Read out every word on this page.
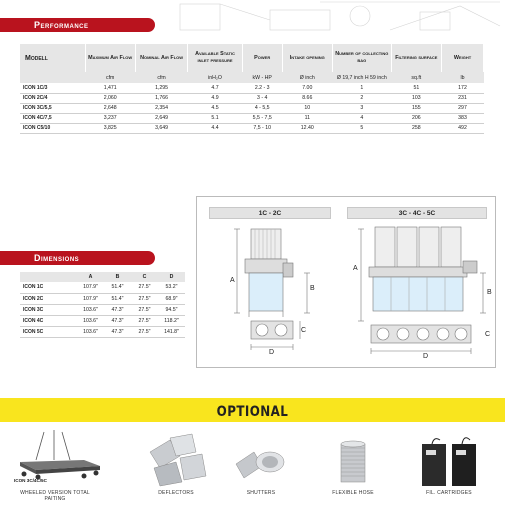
Performance
Modell	Maximum Air Flow	Nominal Air Flow	Available Static inlet pressure	Power	Intake opening	Number of collecting bag	Filtering surface	Weight
	cfm	cfm	inH₂O	kW - HP	Ø inch	Ø 19,7 inch H 59 inch	sq.ft	lb
ICON 1C/3	1,471	1,295	4.7	2.2 - 3	7.00	1	51	172
ICON 2C/4	2,060	1,766	4.9	3 - 4	8.66	2	103	231
ICON 3C/5,5	2,648	2,354	4.5	4 - 5,5	10	3	155	297
ICON 4C/7,5	3,237	2,649	5.1	5,5 - 7,5	11	4	206	383
ICON C5/10	3,825	3,649	4.4	7,5 - 10	12.40	5	258	492
Dimensions
	A	B	C	D
ICON 1C	107.9"	51.4"	27.5"	53.2"
ICON 2C	107.9"	51.4"	27.5"	68.9"
ICON 3C	103.6"	47.3"	27.5"	94.5"
ICON 4C	103.6"	47.3"	27.5"	118.2"
ICON 5C	103.6"	47.3"	27.5"	141.8"
1C - 2C	3C - 4C - 5C
A
B
C
D
A
B
C
D
OPTIONAL
ICON 3C/4C/5C
WHEELED VERSION TOTAL PAITING
DEFLECTORS	SHUTTERS	FLEXIBLE HOSE	FIL. CARTRIDGES
